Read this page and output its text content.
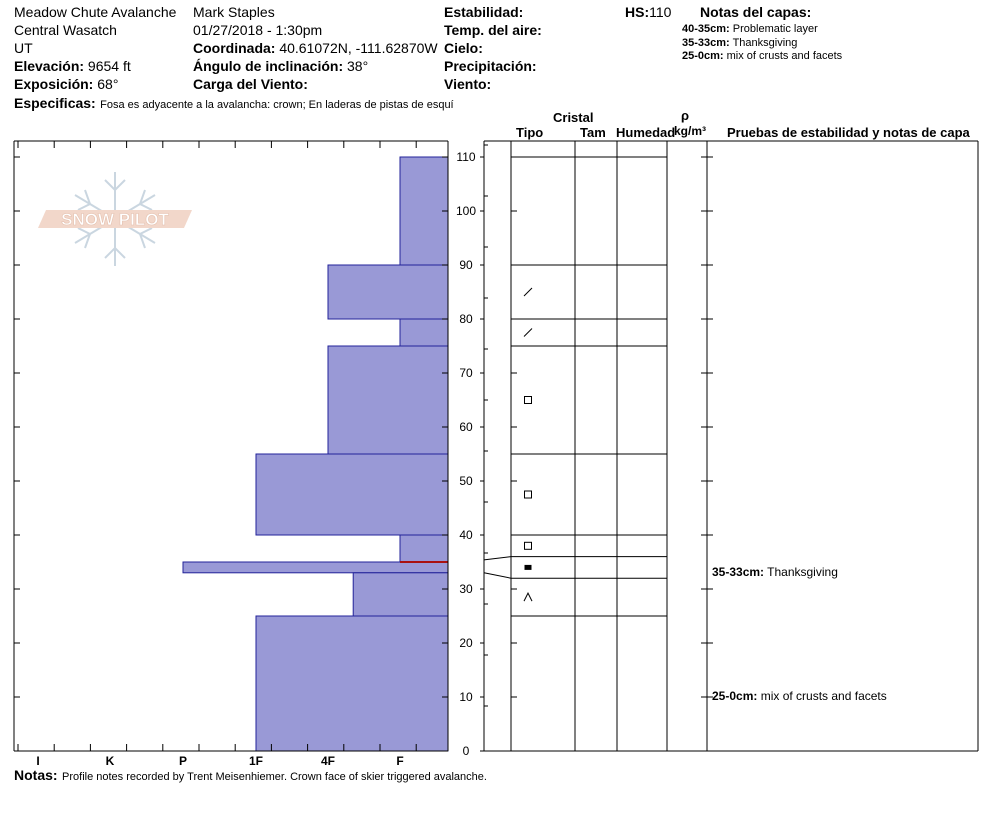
Meadow Chute Avalanche
Central Wasatch
UT
Elevación: 9654 ft
Exposición: 68°
Especificas: Fosa es adyacente a la avalancha: crown; En laderas de pistas de esquí
Mark Staples
01/27/2018 - 1:30pm
Coordinada: 40.61072N, -111.62870W
Ángulo de inclinación: 38°
Carga del Viento:
Estabilidad:
Temp. del aire:
Cielo:
Precipitación:
Viento:
HS:110 Notas del capas:
40-35cm: Problematic layer
35-33cm: Thanksgiving
25-0cm: mix of crusts and facets
Cristal
Tipo	Tam Humedad
ρ
kg/m³ Pruebas de estabilidad y notas de capa
35-33cm: Thanksgiving
25-0cm: mix of crusts and facets
Notas: Profile notes recorded by Trent Meisenhiemer. Crown face of skier triggered avalanche.
SNOW PILOT
I	K	P	1F	4F	F
0
10
20
30
40
50
60
70
80
90
100
110
